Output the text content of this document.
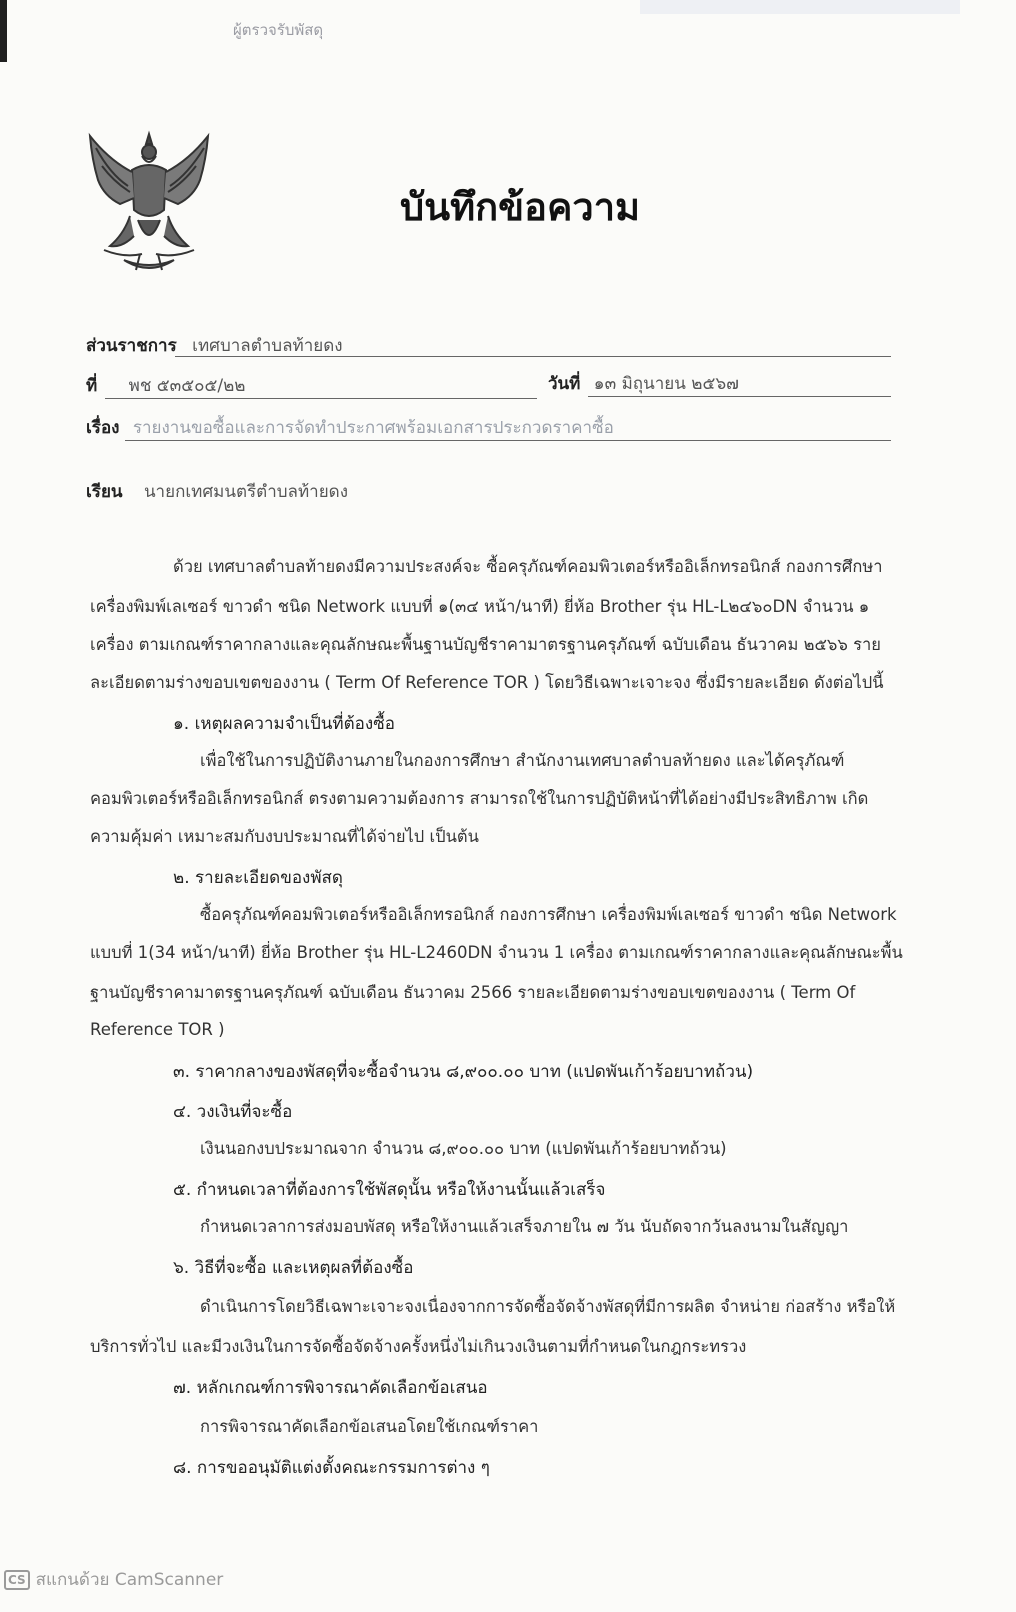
ผู้ตรวจรับพัสดุ
บันทึกข้อความ
ส่วนราชการ เทศบาลตำบลท้ายดง
ที่ พช ๕๓๕๐๕/๒๒	วันที่ ๑๓ มิถุนายน ๒๕๖๗
เรื่อง รายงานขอซื้อและการจัดทำประกาศพร้อมเอกสารประกวดราคาซื้อ
เรียน นายกเทศมนตรีตำบลท้ายดง
ด้วย เทศบาลตำบลท้ายดงมีความประสงค์จะ ซื้อครุภัณฑ์คอมพิวเตอร์หรืออิเล็กทรอนิกส์ กองการศึกษา
เครื่องพิมพ์เลเซอร์ ขาวดำ ชนิด Network แบบที่ ๑(๓๔ หน้า/นาที) ยี่ห้อ Brother รุ่น HL-L๒๔๖๐DN จำนวน ๑
เครื่อง ตามเกณฑ์ราคากลางและคุณลักษณะพื้นฐานบัญชีราคามาตรฐานครุภัณฑ์ ฉบับเดือน ธันวาคม ๒๕๖๖ ราย
ละเอียดตามร่างขอบเขตของงาน ( Term Of Reference TOR ) โดยวิธีเฉพาะเจาะจง ซึ่งมีรายละเอียด ดังต่อไปนี้
๑. เหตุผลความจำเป็นที่ต้องซื้อ
เพื่อใช้ในการปฏิบัติงานภายในกองการศึกษา สำนักงานเทศบาลตำบลท้ายดง และได้ครุภัณฑ์
คอมพิวเตอร์หรืออิเล็กทรอนิกส์ ตรงตามความต้องการ สามารถใช้ในการปฏิบัติหน้าที่ได้อย่างมีประสิทธิภาพ เกิด
ความคุ้มค่า เหมาะสมกับงบประมาณที่ได้จ่ายไป เป็นต้น
๒. รายละเอียดของพัสดุ
ซื้อครุภัณฑ์คอมพิวเตอร์หรืออิเล็กทรอนิกส์ กองการศึกษา เครื่องพิมพ์เลเซอร์ ขาวดำ ชนิด Network
แบบที่ 1(34 หน้า/นาที) ยี่ห้อ Brother รุ่น HL-L2460DN จำนวน 1 เครื่อง ตามเกณฑ์ราคากลางและคุณลักษณะพื้น
ฐานบัญชีราคามาตรฐานครุภัณฑ์ ฉบับเดือน ธันวาคม 2566 รายละเอียดตามร่างขอบเขตของงาน ( Term Of
Reference TOR )
๓. ราคากลางของพัสดุที่จะซื้อจำนวน ๘,๙๐๐.๐๐ บาท (แปดพันเก้าร้อยบาทถ้วน)
๔. วงเงินที่จะซื้อ
เงินนอกงบประมาณจาก จำนวน ๘,๙๐๐.๐๐ บาท (แปดพันเก้าร้อยบาทถ้วน)
๕. กำหนดเวลาที่ต้องการใช้พัสดุนั้น หรือให้งานนั้นแล้วเสร็จ
กำหนดเวลาการส่งมอบพัสดุ หรือให้งานแล้วเสร็จภายใน ๗ วัน นับถัดจากวันลงนามในสัญญา
๖. วิธีที่จะซื้อ และเหตุผลที่ต้องซื้อ
ดำเนินการโดยวิธีเฉพาะเจาะจงเนื่องจากการจัดซื้อจัดจ้างพัสดุที่มีการผลิต จำหน่าย ก่อสร้าง หรือให้
บริการทั่วไป และมีวงเงินในการจัดซื้อจัดจ้างครั้งหนึ่งไม่เกินวงเงินตามที่กำหนดในกฎกระทรวง
๗. หลักเกณฑ์การพิจารณาคัดเลือกข้อเสนอ
การพิจารณาคัดเลือกข้อเสนอโดยใช้เกณฑ์ราคา
๘. การขออนุมัติแต่งตั้งคณะกรรมการต่าง ๆ
CS สแกนด้วย CamScanner
